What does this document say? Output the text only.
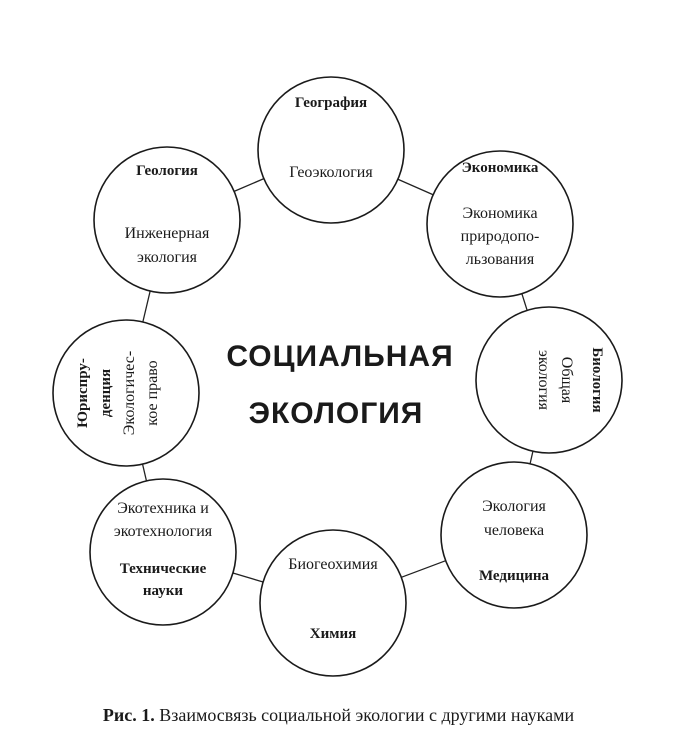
География
Геоэкология	Экономика
Экономика
природопо-
льзования
Биология
Общая
экология
Медицина
Экология
человека
Химия
Биогеохимия
Технические
науки
Экотехника и
экотехнология
Юриспру- денция Экологичес- кое право
Геология
Инженерная
экология
СОЦИАЛЬНАЯ
ЭКОЛОГИЯ
Рис. 1. Взаимосвязь социальной экологии с другими науками
